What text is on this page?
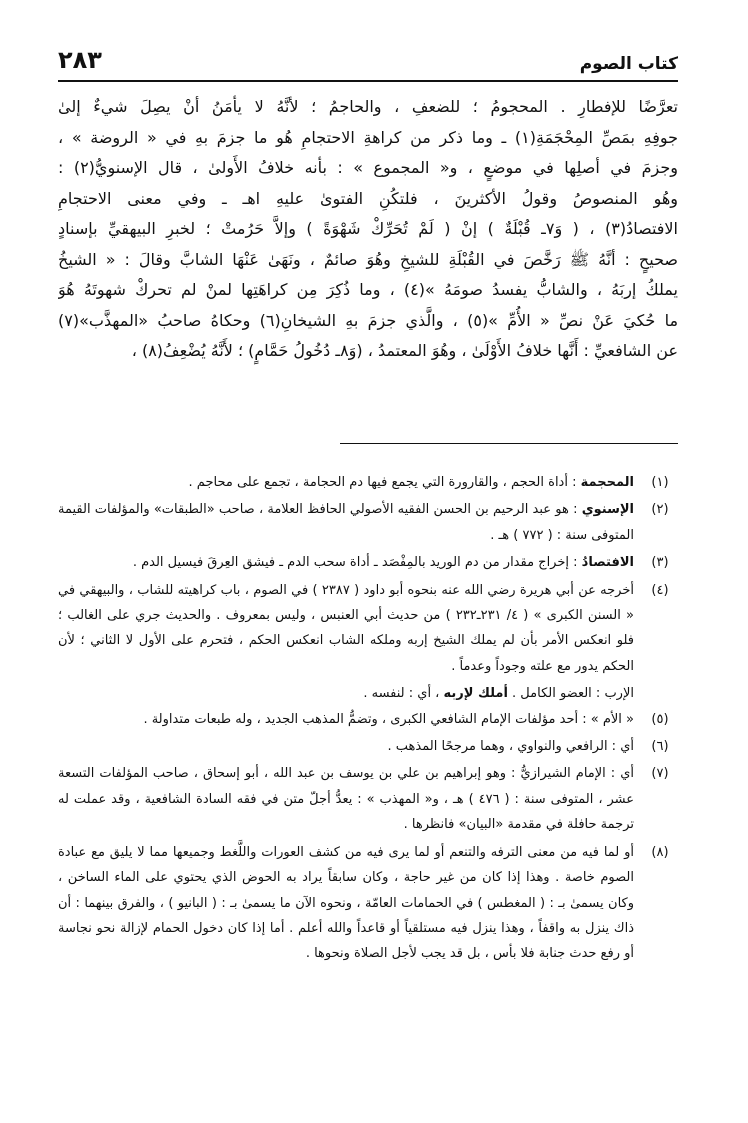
كتاب الصوم
٢٨٣
تعرَّضًا للإفطارِ . المحجومُ ؛ للضعفِ ، والحاجمُ ؛ لأنَّهُ لا يأمَنُ أنْ يصِلَ شيءٌ إلىٰ
جوفِهِ بمَصِّ المِحْجَمَةِ(١) ـ وما ذكر من كراهةِ الاحتجامِ هُو ما جزمَ بهِ في « الروضة » ،
وجزمَ في أصلِها في موضعٍ ، و« المجموع » : بأنه خلافُ الأَولىٰ ، قال الإسنويُّ(٢) :
وهُو المنصوصُ وقولُ الأكثرينَ ، فلتكُنِ الفتوىٰ عليهِ اهـ ـ وفي معنى الاحتجامِ
الافتصادُ(٣) ، ( وَ٧ـ قُبْلَةٌ ) إنْ ( لَمْ تُحَرِّكْ شَهْوَةً ) وإلاَّ حَرُمتْ ؛ لخبرِ البيهقيِّ بإسنادٍ
صحيحٍ : أنَّهُ ﷺ رَخَّصَ في القُبْلَةِ للشيخِ وهُوَ صائمٌ ، ونَهَىٰ عَنْهَا الشابَّ وقالَ : « الشيخُ
يملكُ إربَهُ ، والشابُّ يفسدُ صومَهُ »(٤) ، وما ذُكِرَ مِن كراهَتِها لمنْ لم تحركْ شهوتَهُ هُوَ
ما حُكيَ عَنْ نصِّ « الأُمِّ »(٥) ، والَّذي جزمَ بهِ الشيخانِ(٦) وحكاهُ صاحبُ «المهذَّب»(٧)
عن الشافعيِّ : أَنَّها خلافُ الأَوْلَىٰ ، وهُوَ المعتمدُ ، (وَ٨ـ دُخُولُ حَمَّامٍ) ؛ لأَنَّهُ يُضْعِفُ(٨) ،
(١)
المحجمة : أداة الحجم ، والقارورة التي يجمع فيها دم الحجامة ، تجمع على محاجم .
(٢)
الإسنوي : هو عبد الرحيم بن الحسن الفقيه الأصولي الحافظ العلامة ، صاحب «الطبقات» والمؤلفات القيمة المتوفى سنة : ( ٧٧٢ ) هـ .
(٣)
الافتصادُ : إخراج مقدار من دم الوريد بالمِفْصَد ـ أداة سحب الدم ـ فيشق العِرقَ فيسيل الدم .
(٤)
أخرجه عن أبي هريرة رضي الله عنه بنحوه أبو داود ( ٢٣٨٧ ) في الصوم ، باب كراهيته للشاب ، والبيهقي في « السنن الكبرى » ( ٤/ ٢٣١ـ٢٣٢ ) من حديث أبي العنبس ، وليس بمعروف . والحديث جري على الغالب ؛ فلو انعكس الأمر بأن لم يملك الشيخ إربه وملكه الشاب انعكس الحكم ، فتحرم على الأول لا الثاني ؛ لأن الحكم يدور مع علته وجوداً وعدماً .
الإرب : العضو الكامل . أملك لإربه ، أي : لنفسه .
(٥)
« الأم » : أحد مؤلفات الإمام الشافعي الكبرى ، وتضمُّ المذهب الجديد ، وله طبعات متداولة .
(٦)
أي : الرافعي والنواوي ، وهما مرجحًا المذهب .
(٧)
أي : الإمام الشيرازيُّ : وهو إبراهيم بن علي بن يوسف بن عبد الله ، أبو إسحاق ، صاحب المؤلفات التسعة عشر ، المتوفى سنة : ( ٤٧٦ ) هـ ، و« المهذب » : يعدُّ أجلّ متن في فقه السادة الشافعية ، وقد عملت له ترجمة حافلة في مقدمة «البيان» فانظرها .
(٨)
أو لما فيه من معنى الترفه والتنعم أو لما يرى فيه من كشف العورات واللَّغط وجميعها مما لا يليق مع عبادة الصوم خاصة . وهذا إذا كان من غير حاجة ، وكان سابقاً يراد به الحوض الذي يحتوي على الماء الساخن ، وكان يسمىٰ بـ : ( المغطس ) في الحمامات العامّة ، ونحوه الآن ما يسمىٰ بـ : ( البانيو ) ، والفرق بينهما : أن ذاك ينزل به واقفاً ، وهذا ينزل فيه مستلقياً أو قاعداً والله أعلم . أما إذا كان دخول الحمام لإزالة نحو نجاسة أو رفع حدث جنابة فلا بأس ، بل قد يجب لأجل الصلاة ونحوها .
